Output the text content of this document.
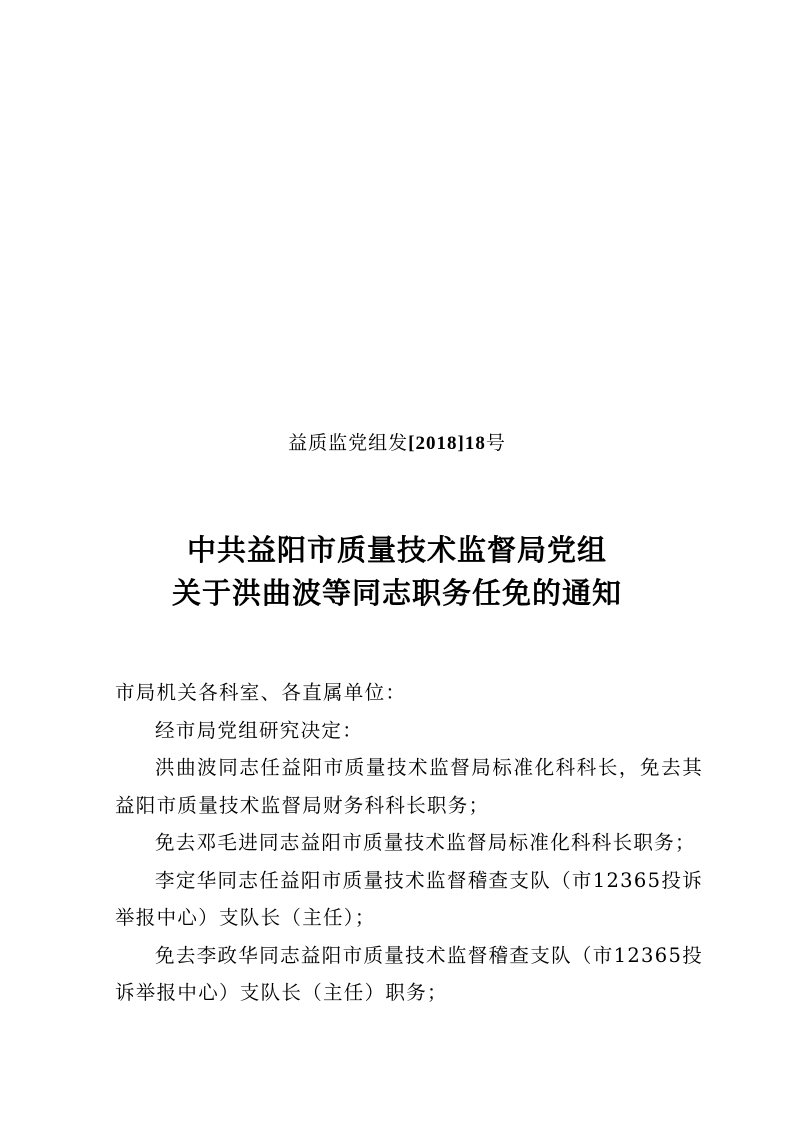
益质监党组发[2018]18号
中共益阳市质量技术监督局党组
关于洪曲波等同志职务任免的通知

市局机关各科室、各直属单位：

经市局党组研究决定：

洪曲波同志任益阳市质量技术监督局标准化科科长，免去其益阳市质量技术监督局财务科科长职务；

免去邓毛进同志益阳市质量技术监督局标准化科科长职务；

李定华同志任益阳市质量技术监督稽查支队（市12365投诉举报中心）支队长（主任）；

免去李政华同志益阳市质量技术监督稽查支队（市12365投诉举报中心）支队长（主任）职务；
